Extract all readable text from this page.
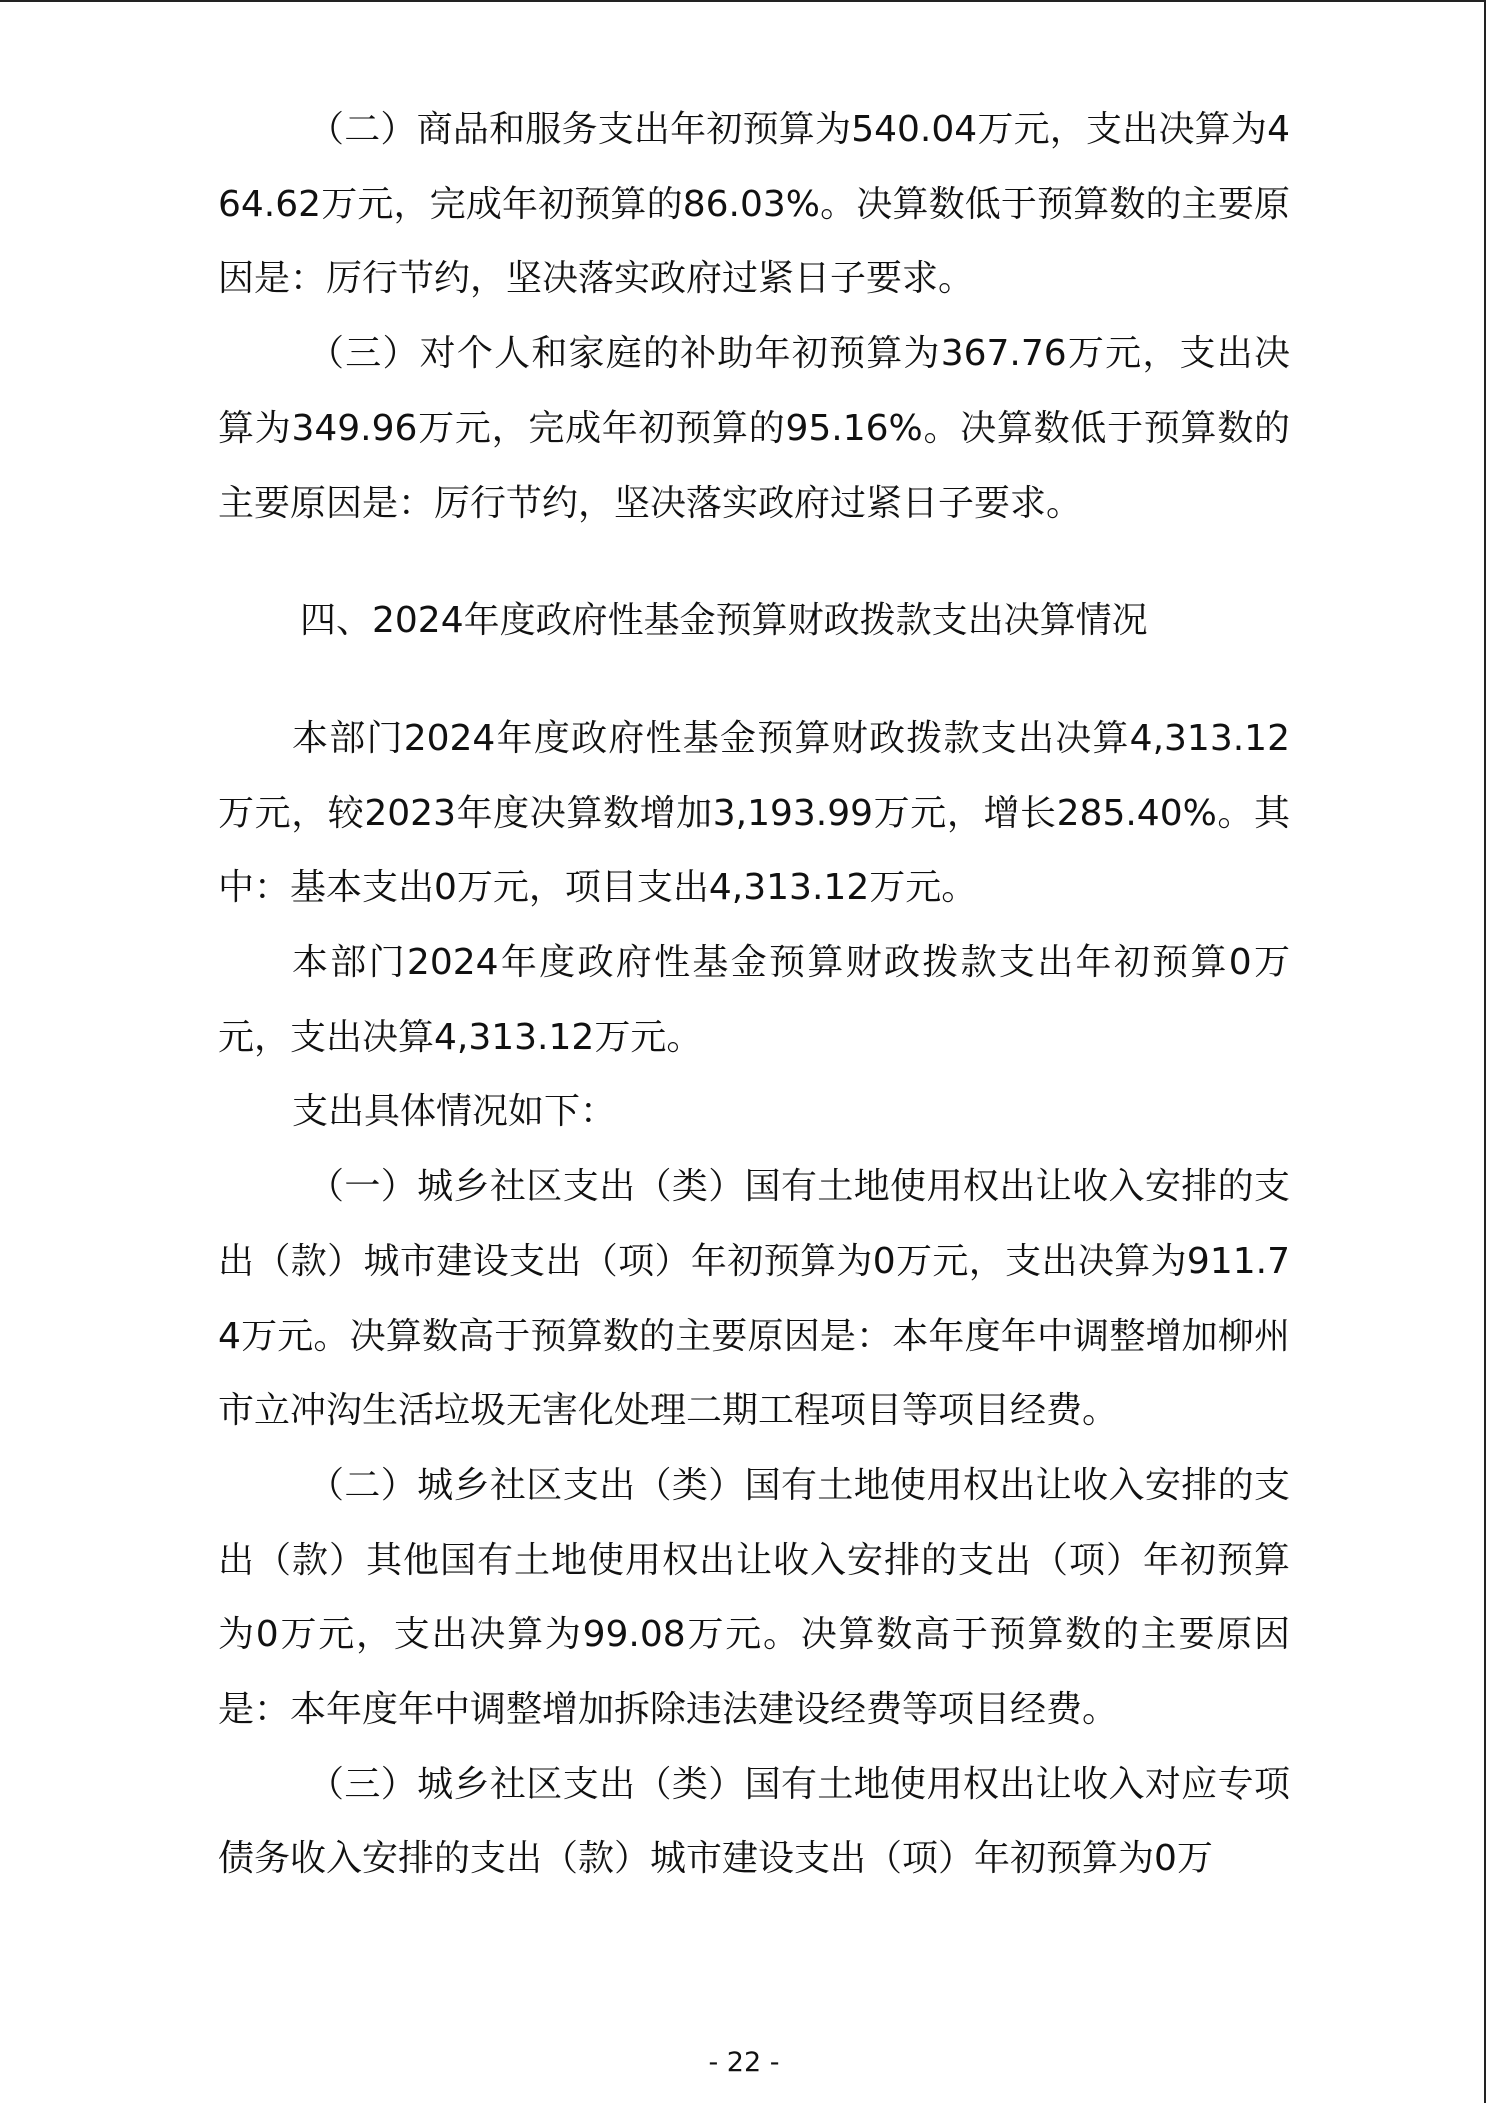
（二）商品和服务支出年初预算为540.04万元，支出决算为464.62万元，完成年初预算的86.03%。决算数低于预算数的主要原因是：厉行节约，坚决落实政府过紧日子要求。

（三）对个人和家庭的补助年初预算为367.76万元，支出决算为349.96万元，完成年初预算的95.16%。决算数低于预算数的主要原因是：厉行节约，坚决落实政府过紧日子要求。

四、2024年度政府性基金预算财政拨款支出决算情况

本部门2024年度政府性基金预算财政拨款支出决算4,313.12万元，较2023年度决算数增加3,193.99万元，增长285.40%。其中：基本支出0万元，项目支出4,313.12万元。

本部门2024年度政府性基金预算财政拨款支出年初预算0万元，支出决算4,313.12万元。

支出具体情况如下：

（一）城乡社区支出（类）国有土地使用权出让收入安排的支出（款）城市建设支出（项）年初预算为0万元，支出决算为911.74万元。决算数高于预算数的主要原因是：本年度年中调整增加柳州市立冲沟生活垃圾无害化处理二期工程项目等项目经费。

（二）城乡社区支出（类）国有土地使用权出让收入安排的支出（款）其他国有土地使用权出让收入安排的支出（项）年初预算为0万元，支出决算为99.08万元。决算数高于预算数的主要原因是：本年度年中调整增加拆除违法建设经费等项目经费。

（三）城乡社区支出（类）国有土地使用权出让收入对应专项债务收入安排的支出（款）城市建设支出（项）年初预算为0万

- 22 -
